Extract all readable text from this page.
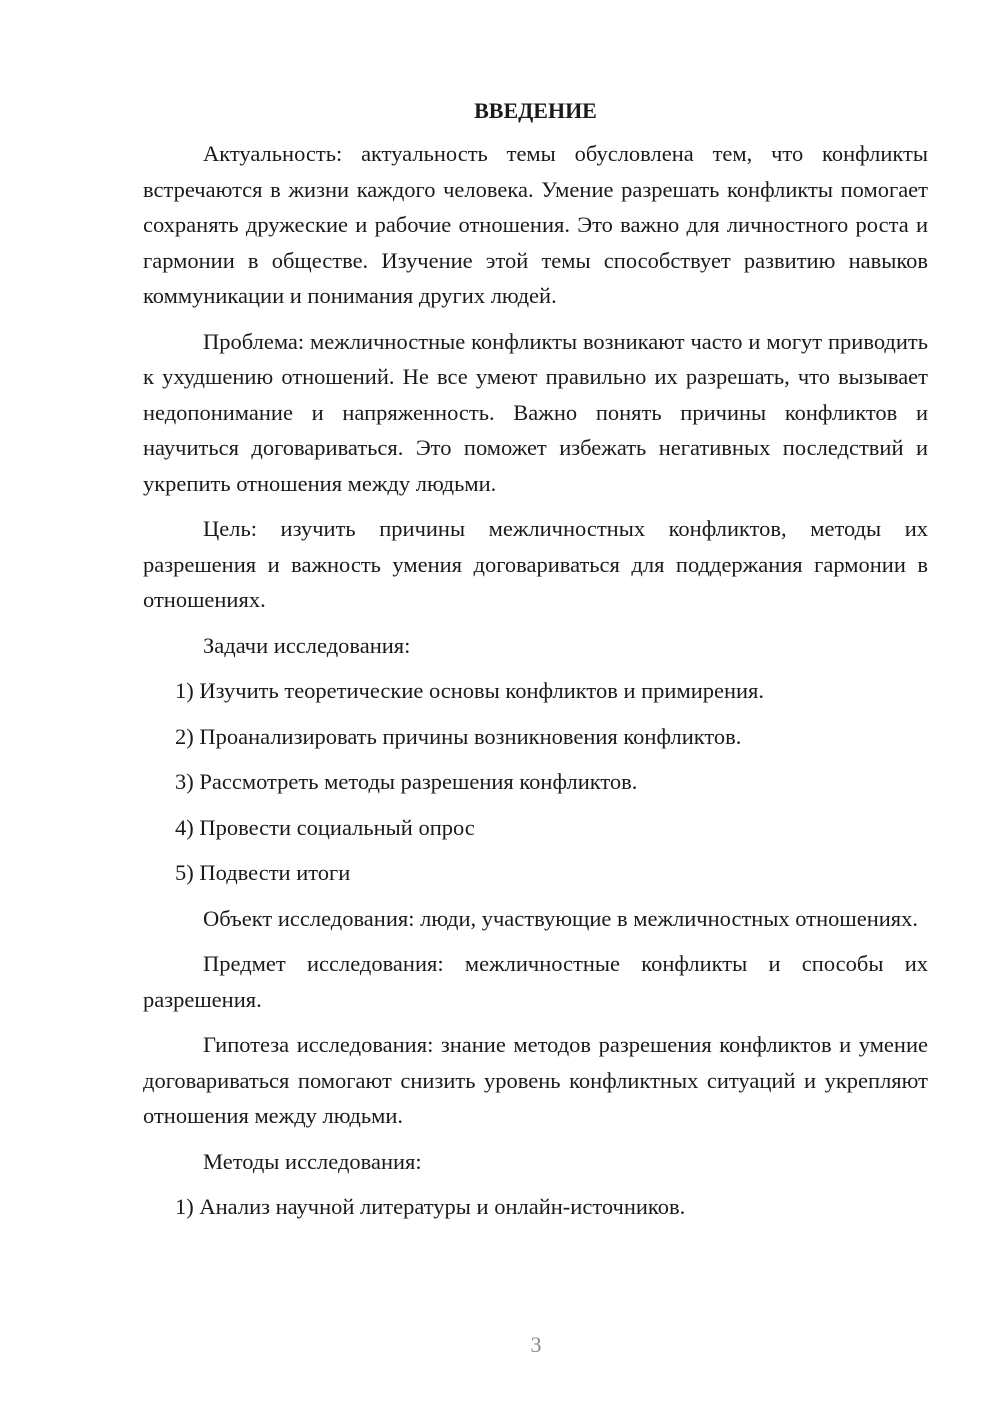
ВВЕДЕНИЕ

Актуальность: актуальность темы обусловлена тем, что конфликты встречаются в жизни каждого человека. Умение разрешать конфликты помогает сохранять дружеские и рабочие отношения. Это важно для личностного роста и гармонии в обществе. Изучение этой темы способствует развитию навыков коммуникации и понимания других людей.

Проблема: межличностные конфликты возникают часто и могут приводить к ухудшению отношений. Не все умеют правильно их разрешать, что вызывает недопонимание и напряженность. Важно понять причины конфликтов и научиться договариваться. Это поможет избежать негативных последствий и укрепить отношения между людьми.

Цель: изучить причины межличностных конфликтов, методы их разрешения и важность умения договариваться для поддержания гармонии в отношениях.

Задачи исследования:

1) Изучить теоретические основы конфликтов и примирения.

2) Проанализировать причины возникновения конфликтов.

3) Рассмотреть методы разрешения конфликтов.

4) Провести социальный опрос

5) Подвести итоги

Объект исследования: люди, участвующие в межличностных отношениях.

Предмет исследования: межличностные конфликты и способы их разрешения.

Гипотеза исследования: знание методов разрешения конфликтов и умение договариваться помогают снизить уровень конфликтных ситуаций и укрепляют отношения между людьми.

Методы исследования:

1) Анализ научной литературы и онлайн-источников.

3
